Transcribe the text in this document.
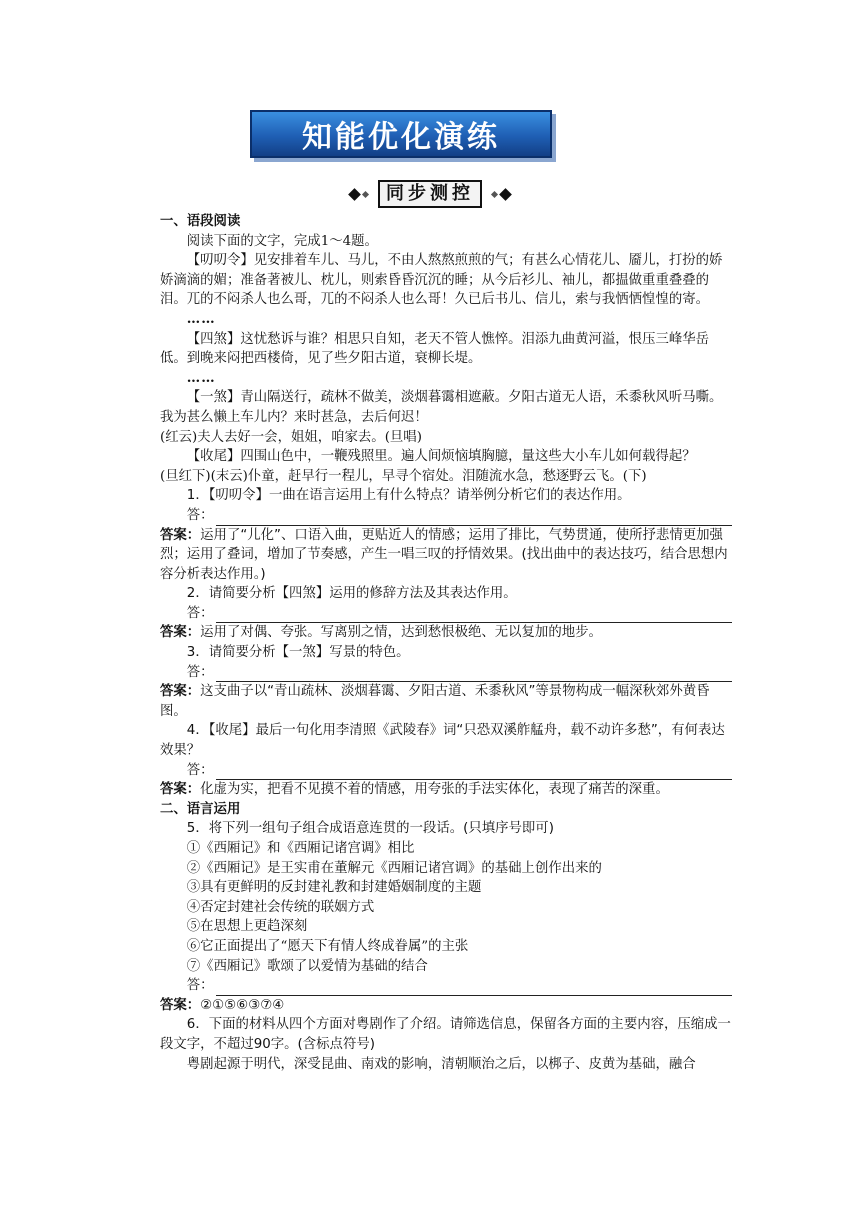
知能优化演练
同步测控

一、语段阅读

阅读下面的文字，完成1～4题。

【叨叨令】见安排着车儿、马儿，不由人熬熬煎煎的气；有甚么心情花儿、靥儿，打扮的娇娇滴滴的媚；准备著被儿、枕儿，则索昏昏沉沉的睡；从今后衫儿、袖儿，都揾做重重叠叠的泪。兀的不闷杀人也么哥，兀的不闷杀人也么哥！久已后书儿、信儿，索与我恓恓惶惶的寄。

……

【四煞】这忧愁诉与谁？相思只自知，老天不管人憔悴。泪添九曲黄河溢，恨压三峰华岳低。到晚来闷把西楼倚，见了些夕阳古道，衰柳长堤。

……

【一煞】青山隔送行，疏林不做美，淡烟暮霭相遮蔽。夕阳古道无人语，禾黍秋风听马嘶。我为甚么懒上车儿内？来时甚急，去后何迟！

(红云)夫人去好一会，姐姐，咱家去。(旦唱)

【收尾】四围山色中，一鞭残照里。遍人间烦恼填胸臆，量这些大小车儿如何载得起？

(旦红下)(末云)仆童，赶早行一程儿，早寻个宿处。泪随流水急，愁逐野云飞。(下)

1．【叨叨令】一曲在语言运用上有什么特点？请举例分析它们的表达作用。

答：

答案：运用了“儿化”、口语入曲，更贴近人的情感；运用了排比，气势贯通，使所抒悲情更加强烈；运用了叠词，增加了节奏感，产生一唱三叹的抒情效果。(找出曲中的表达技巧，结合思想内容分析表达作用。)

2．请简要分析【四煞】运用的修辞方法及其表达作用。

答：

答案：运用了对偶、夸张。写离别之情，达到愁恨极绝、无以复加的地步。

3．请简要分析【一煞】写景的特色。

答：

答案：这支曲子以“青山疏林、淡烟暮霭、夕阳古道、禾黍秋风”等景物构成一幅深秋郊外黄昏图。

4．【收尾】最后一句化用李清照《武陵春》词“只恐双溪舴艋舟，载不动许多愁”，有何表达效果？

答：

答案：化虚为实，把看不见摸不着的情感，用夸张的手法实体化，表现了痛苦的深重。

二、语言运用

5．将下列一组句子组合成语意连贯的一段话。(只填序号即可)

①《西厢记》和《西厢记诸宫调》相比

②《西厢记》是王实甫在董解元《西厢记诸宫调》的基础上创作出来的

③具有更鲜明的反封建礼教和封建婚姻制度的主题

④否定封建社会传统的联姻方式

⑤在思想上更趋深刻

⑥它正面提出了“愿天下有情人终成眷属”的主张

⑦《西厢记》歌颂了以爱情为基础的结合

答：

答案：②①⑤⑥③⑦④

6．下面的材料从四个方面对粤剧作了介绍。请筛选信息，保留各方面的主要内容，压缩成一段文字，不超过90字。(含标点符号)

粤剧起源于明代，深受昆曲、南戏的影响，清朝顺治之后，以梆子、皮黄为基础，融合
